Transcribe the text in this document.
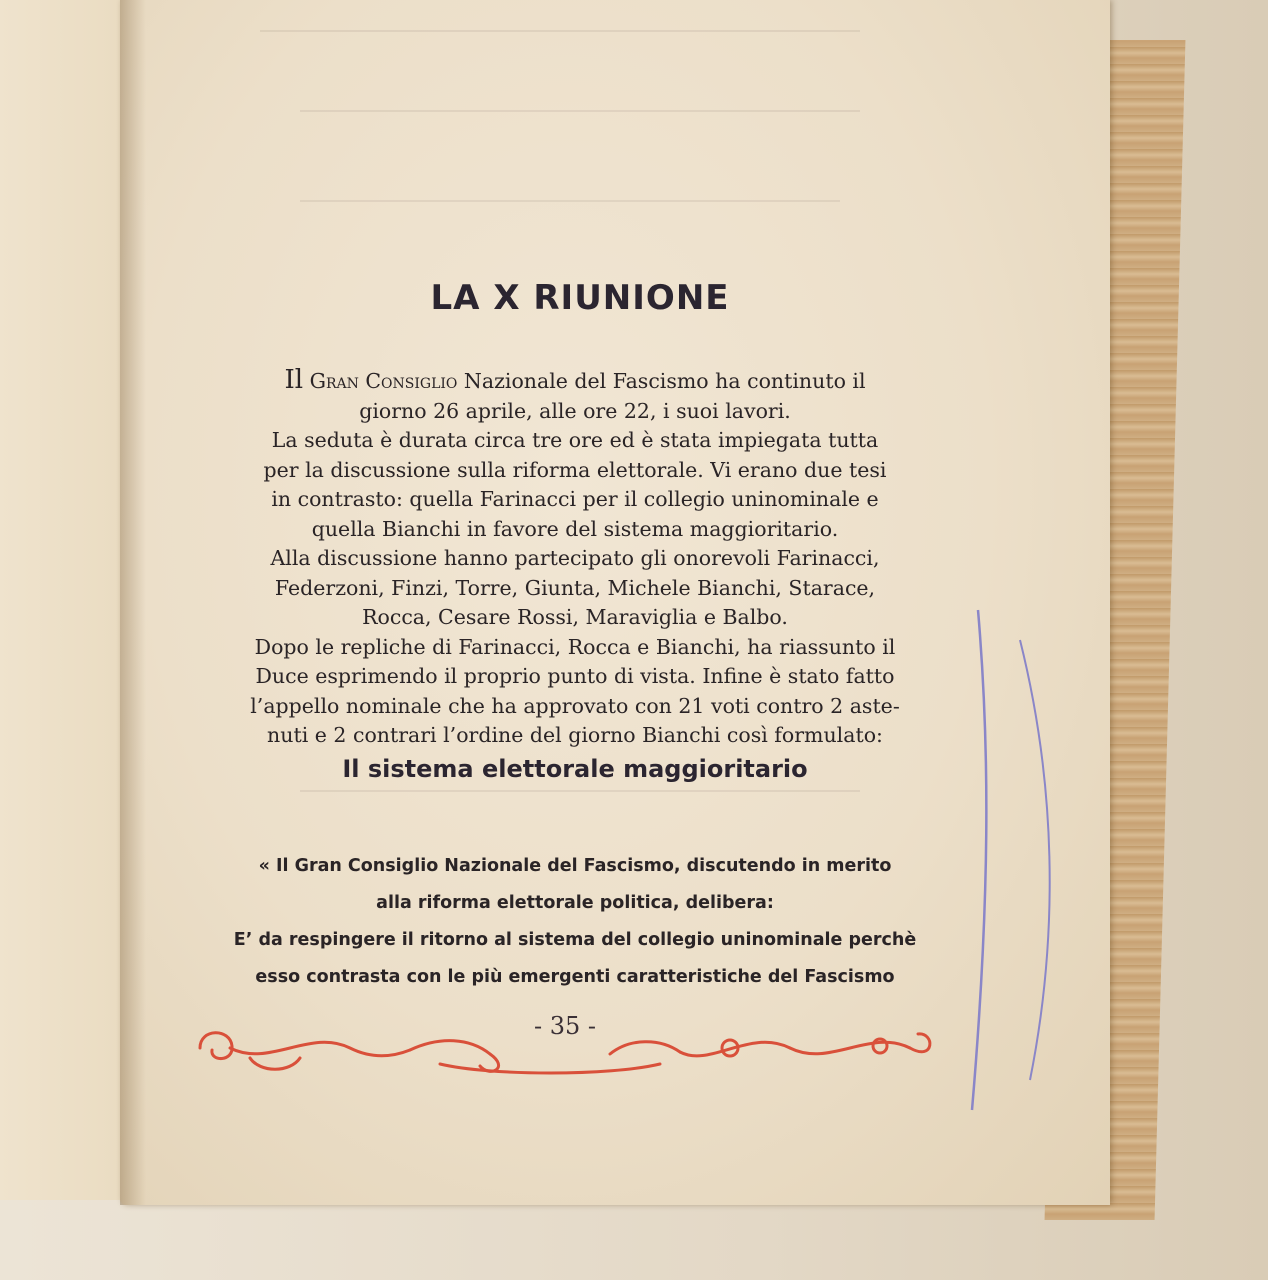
LA X RIUNIONE
Il Gran Consiglio Nazionale del Fascismo ha continuto il
giorno 26 aprile, alle ore 22, i suoi lavori.
La seduta è durata circa tre ore ed è stata impiegata tutta
per la discussione sulla riforma elettorale. Vi erano due tesi
in contrasto: quella Farinacci per il collegio uninominale e
quella Bianchi in favore del sistema maggioritario.
Alla discussione hanno partecipato gli onorevoli Farinacci,
Federzoni, Finzi, Torre, Giunta, Michele Bianchi, Starace,
Rocca, Cesare Rossi, Maraviglia e Balbo.
Dopo le repliche di Farinacci, Rocca e Bianchi, ha riassunto il
Duce esprimendo il proprio punto di vista. Infine è stato fatto
l’appello nominale che ha approvato con 21 voti contro 2 aste-
nuti e 2 contrari l’ordine del giorno Bianchi così formulato:
Il sistema elettorale maggioritario
« Il Gran Consiglio Nazionale del Fascismo, discutendo in merito
alla riforma elettorale politica, delibera:
E’ da respingere il ritorno al sistema del collegio uninominale perchè
esso contrasta con le più emergenti caratteristiche del Fascismo
- 35 -
